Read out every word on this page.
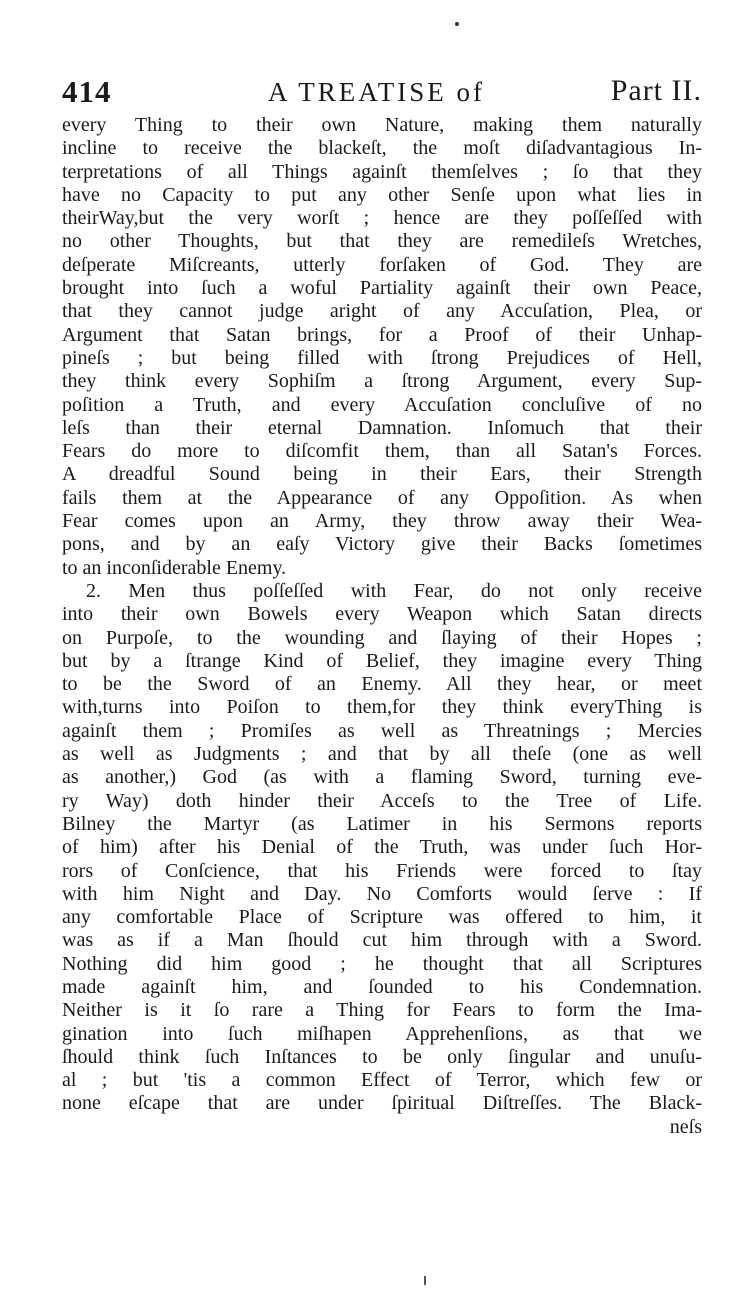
414	A TREATISE of	Part II.
every Thing to their own Nature, making them naturally
incline to receive the blackeſt, the moſt diſadvantagious In-
terpretations of all Things againſt themſelves ; ſo that they
have no Capacity to put any other Senſe upon what lies in
theirWay,but the very worſt ; hence are they poſſeſſed with
no other Thoughts, but that they are remedileſs Wretches,
deſperate Miſcreants, utterly forſaken of God. They are
brought into ſuch a woful Partiality againſt their own Peace,
that they cannot judge aright of any Accuſation, Plea, or
Argument that Satan brings, for a Proof of their Unhap-
pineſs ; but being filled with ſtrong Prejudices of Hell,
they think every Sophiſm a ſtrong Argument, every Sup-
poſition a Truth, and every Accuſation concluſive of no
leſs than their eternal Damnation. Inſomuch that their
Fears do more to diſcomfit them, than all Satan's Forces.
A dreadful Sound being in their Ears, their Strength
fails them at the Appearance of any Oppoſition. As when
Fear comes upon an Army, they throw away their Wea-
pons, and by an eaſy Victory give their Backs ſometimes
to an inconſiderable Enemy.
2. Men thus poſſeſſed with Fear, do not only receive
into their own Bowels every Weapon which Satan directs
on Purpoſe, to the wounding and ſlaying of their Hopes ;
but by a ſtrange Kind of Belief, they imagine every Thing
to be the Sword of an Enemy. All they hear, or meet
with,turns into Poiſon to them,for they think everyThing is
againſt them ; Promiſes as well as Threatnings ; Mercies
as well as Judgments ; and that by all theſe (one as well
as another,) God (as with a flaming Sword, turning eve-
ry Way) doth hinder their Acceſs to the Tree of Life.
Bilney the Martyr (as Latimer in his Sermons reports
of him) after his Denial of the Truth, was under ſuch Hor-
rors of Conſcience, that his Friends were forced to ſtay
with him Night and Day. No Comforts would ſerve : If
any comfortable Place of Scripture was offered to him, it
was as if a Man ſhould cut him through with a Sword.
Nothing did him good ; he thought that all Scriptures
made againſt him, and ſounded to his Condemnation.
Neither is it ſo rare a Thing for Fears to form the Ima-
gination into ſuch miſhapen Apprehenſions, as that we
ſhould think ſuch Inſtances to be only ſingular and unuſu-
al ; but 'tis a common Effect of Terror, which few or
none eſcape that are under ſpiritual Diſtreſſes. The Black-
neſs
